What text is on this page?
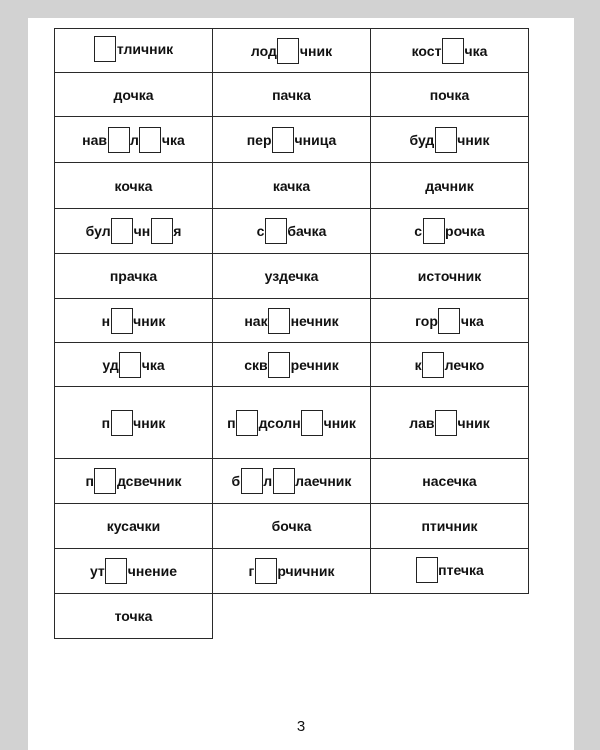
тличник	лод чник	кост чка

дочка	пачка	почка

нав л чка	пер чница	буд чник

кочка	качка	дачник

бул чн я	с бачка	с рочка

прачка	уздечка	источник

н чник	нак нечник	гор чка

уд чка	скв речник	к лечко

п чник	п дсолн чник	лав чник

п дсвечник	б л лаечник	насечка

кусачки	бочка	птичник

ут чнение	г рчичник	птечка

точка		

3
